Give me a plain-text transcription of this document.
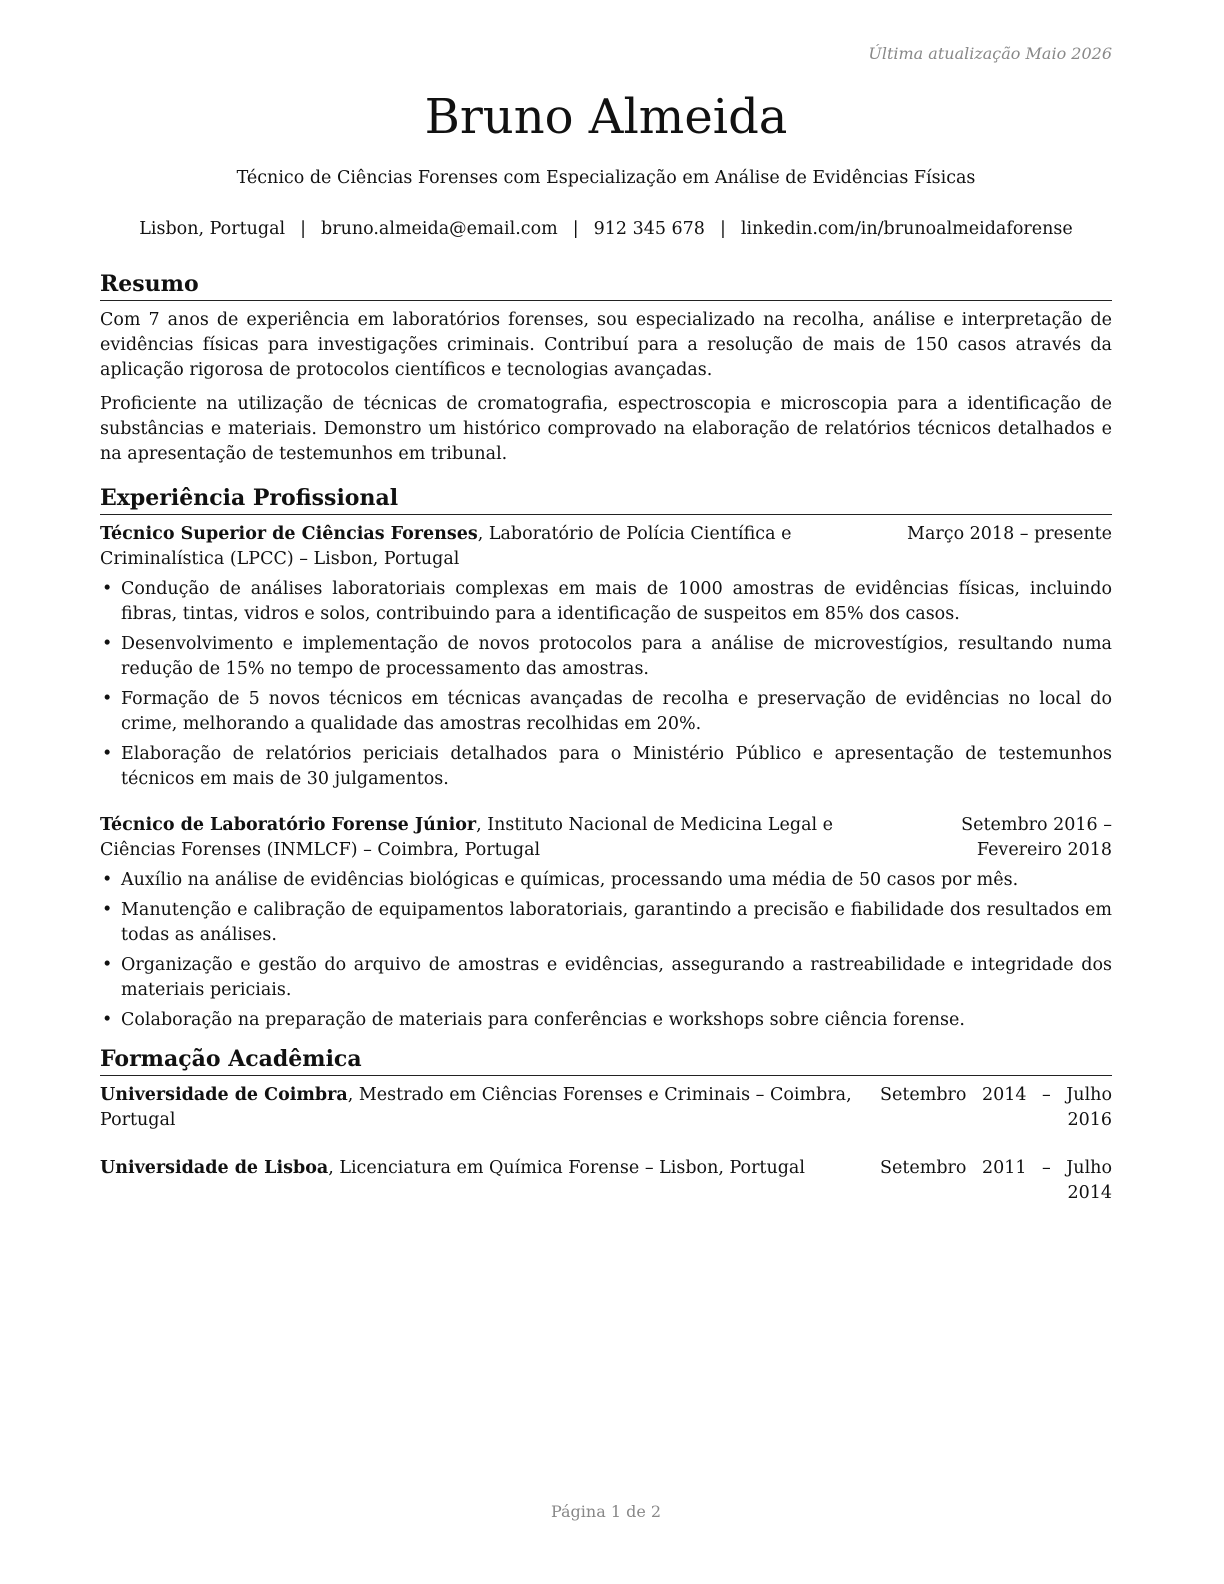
Última atualização Maio 2026
Bruno Almeida
Técnico de Ciências Forenses com Especialização em Análise de Evidências Físicas
Lisbon, Portugal | bruno.almeida@email.com | 912 345 678 | linkedin.com/in/brunoalmeidaforense
Resumo

Com 7 anos de experiência em laboratórios forenses, sou especializado na recolha, análise e interpretação de evidências físicas para investigações criminais. Contribuí para a resolução de mais de 150 casos através da aplicação rigorosa de protocolos científicos e tecnologias avançadas.

Proficiente na utilização de técnicas de cromatografia, espectroscopia e microscopia para a identificação de substâncias e materiais. Demonstro um histórico comprovado na elaboração de relatórios técnicos detalhados e na apresentação de testemunhos em tribunal.

Experiência Profissional
Técnico Superior de Ciências Forenses, Laboratório de Polícia Científica e Criminalística (LPCC) – Lisbon, Portugal
Março 2018 – presente
• Condução de análises laboratoriais complexas em mais de 1000 amostras de evidências físicas, incluindo fibras, tintas, vidros e solos, contribuindo para a identificação de suspeitos em 85% dos casos.
• Desenvolvimento e implementação de novos protocolos para a análise de microvestígios, resultando numa redução de 15% no tempo de processamento das amostras.
• Formação de 5 novos técnicos em técnicas avançadas de recolha e preservação de evidências no local do crime, melhorando a qualidade das amostras recolhidas em 20%.
• Elaboração de relatórios periciais detalhados para o Ministério Público e apresentação de testemunhos técnicos em mais de 30 julgamentos.
Técnico de Laboratório Forense Júnior, Instituto Nacional de Medicina Legal e Ciências Forenses (INMLCF) – Coimbra, Portugal
Setembro 2016 – Fevereiro 2018
• Auxílio na análise de evidências biológicas e químicas, processando uma média de 50 casos por mês.
• Manutenção e calibração de equipamentos laboratoriais, garantindo a precisão e fiabilidade dos resultados em todas as análises.
• Organização e gestão do arquivo de amostras e evidências, assegurando a rastreabilidade e integridade dos materiais periciais.
• Colaboração na preparação de materiais para conferências e workshops sobre ciência forense.
Formação Acadêmica
Universidade de Coimbra, Mestrado em Ciências Forenses e Criminais – Coimbra, Portugal
Setembro 2014 – Julho 2016
Universidade de Lisboa, Licenciatura em Química Forense – Lisbon, Portugal	Setembro 2011 – Julho 2014
Página 1 de 2
